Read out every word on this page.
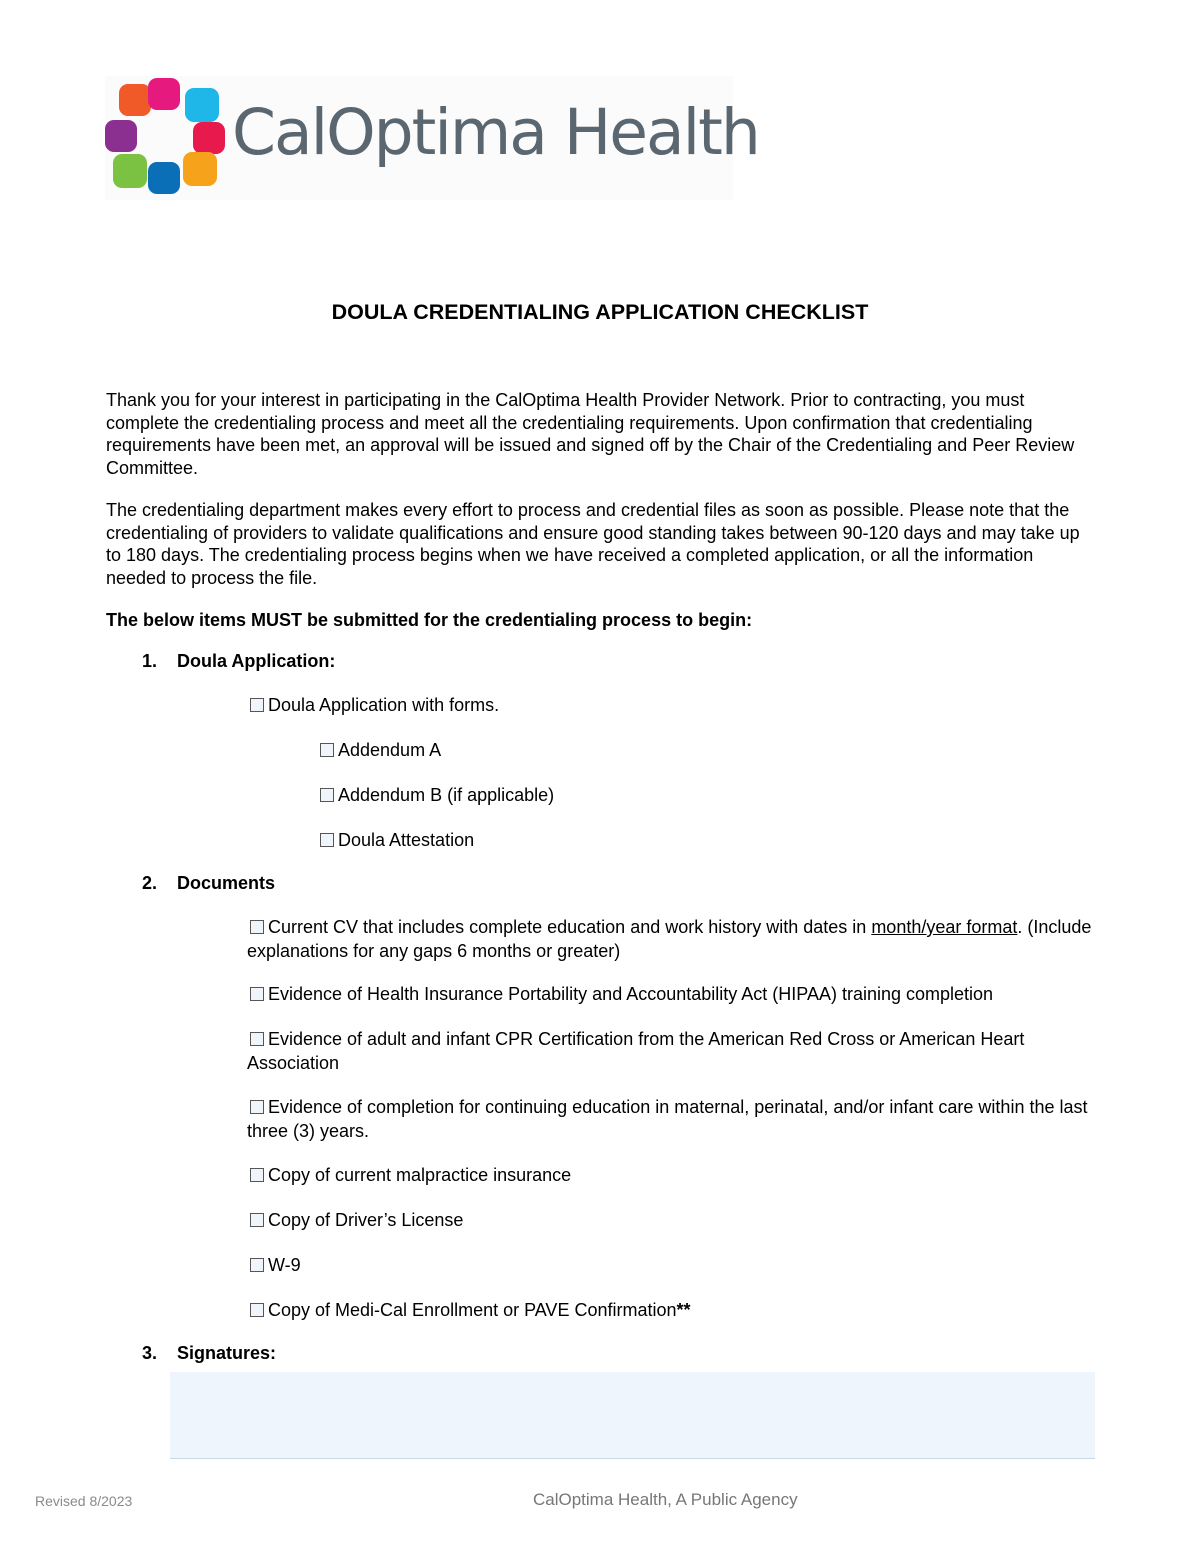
CalOptima Health
DOULA CREDENTIALING APPLICATION CHECKLIST

Thank you for your interest in participating in the CalOptima Health Provider Network. Prior to contracting, you must complete the credentialing process and meet all the credentialing requirements. Upon confirmation that credentialing requirements have been met, an approval will be issued and signed off by the Chair of the Credentialing and Peer Review Committee.

The credentialing department makes every effort to process and credential files as soon as possible. Please note that the credentialing of providers to validate qualifications and ensure good standing takes between 90-120 days and may take up to 180 days. The credentialing process begins when we have received a completed application, or all the information needed to process the file.

The below items MUST be submitted for the credentialing process to begin:

1. Doula Application:
Doula Application with forms.
Addendum A
Addendum B (if applicable)
Doula Attestation
2. Documents
Current CV that includes complete education and work history with dates in month/year format. (Include explanations for any gaps 6 months or greater)
Evidence of Health Insurance Portability and Accountability Act (HIPAA) training completion
Evidence of adult and infant CPR Certification from the American Red Cross or American Heart Association
Evidence of completion for continuing education in maternal, perinatal, and/or infant care within the last three (3) years.
Copy of current malpractice insurance
Copy of Driver’s License
W-9
Copy of Medi-Cal Enrollment or PAVE Confirmation**
3. Signatures:
Revised 8/2023	CalOptima Health, A Public Agency
